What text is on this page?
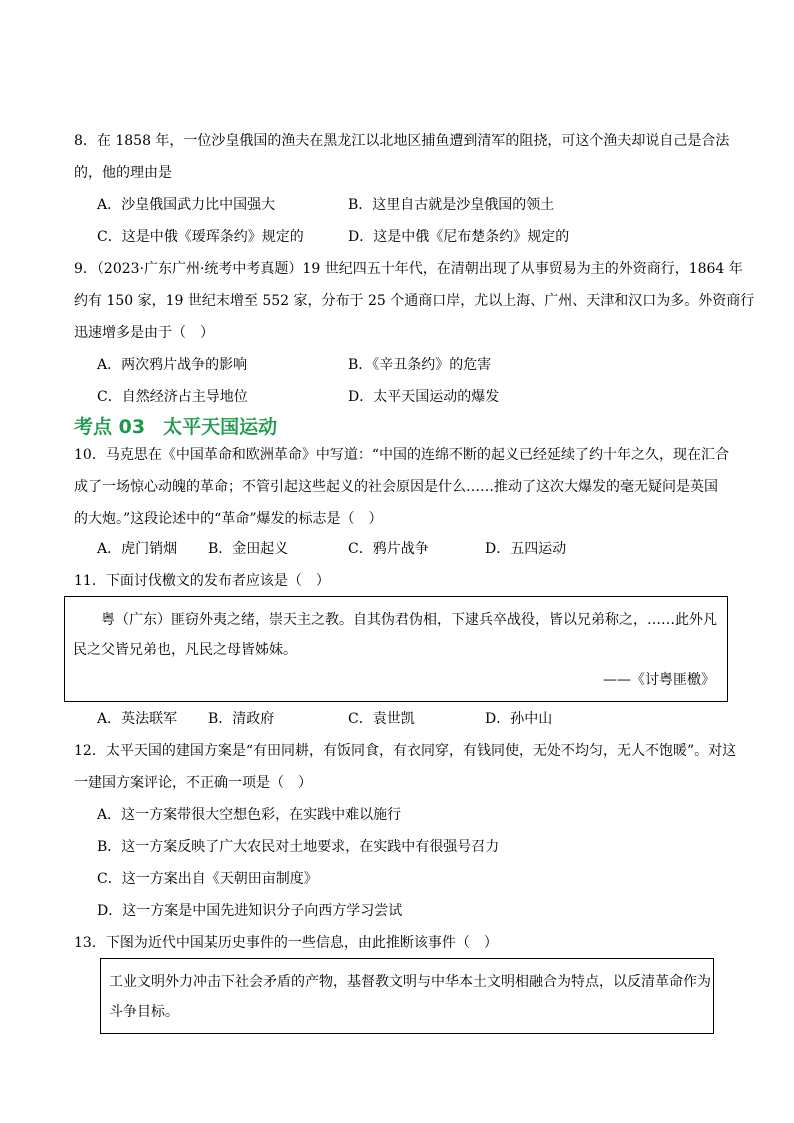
8．在 1858 年，一位沙皇俄国的渔夫在黑龙江以北地区捕鱼遭到清军的阻挠，可这个渔夫却说自己是合法
的，他的理由是
A．沙皇俄国武力比中国强大	B．这里自古就是沙皇俄国的领土
C．这是中俄《瑷珲条约》规定的	D．这是中俄《尼布楚条约》规定的
9．（2023·广东广州·统考中考真题）19 世纪四五十年代，在清朝出现了从事贸易为主的外资商行，1864 年
约有 150 家，19 世纪末增至 552 家，分布于 25 个通商口岸，尤以上海、广州、天津和汉口为多。外资商行
迅速增多是由于（　）
A．两次鸦片战争的影响	B．《辛丑条约》的危害
C．自然经济占主导地位	D．太平天国运动的爆发
考点 03 太平天国运动
10．马克思在《中国革命和欧洲革命》中写道：“中国的连绵不断的起义已经延续了约十年之久，现在汇合
成了一场惊心动魄的革命；不管引起这些起义的社会原因是什么……推动了这次大爆发的毫无疑问是英国
的大炮。”这段论述中的“革命”爆发的标志是（　）
A．虎门销烟 B．金田起义	C．鸦片战争	D．五四运动
11．下面讨伐檄文的发布者应该是（　）
粤（广东）匪窃外夷之绪，崇天主之教。自其伪君伪相，下逮兵卒战役，皆以兄弟称之，……此外凡
民之父皆兄弟也，凡民之母皆姊妹。
——《讨粤匪檄》
A．英法联军 B．清政府	C．袁世凯	D．孙中山
12．太平天国的建国方案是“有田同耕，有饭同食，有衣同穿，有钱同使，无处不均匀，无人不饱暖”。对这
一建国方案评论，不正确一项是（　）
A．这一方案带很大空想色彩，在实践中难以施行
B．这一方案反映了广大农民对土地要求，在实践中有很强号召力
C．这一方案出自《天朝田亩制度》
D．这一方案是中国先进知识分子向西方学习尝试
13．下图为近代中国某历史事件的一些信息，由此推断该事件（　）
工业文明外力冲击下社会矛盾的产物，基督教文明与中华本土文明相融合为特点，以反清革命作为
斗争目标。
